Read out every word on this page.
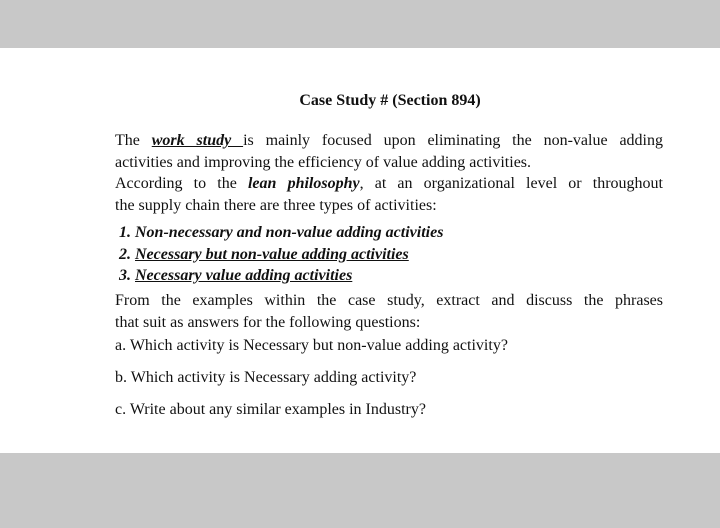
Case Study # (Section 894)
The work study is mainly focused upon eliminating the non-value adding
activities and improving the efficiency of value adding activities.
According to the lean philosophy, at an organizational level or throughout
the supply chain there are three types of activities:
1. Non-necessary and non-value adding activities
2. Necessary but non-value adding activities
3. Necessary value adding activities
From the examples within the case study, extract and discuss the phrases
that suit as answers for the following questions:
a. Which activity is Necessary but non-value adding activity?
b. Which activity is Necessary adding activity?
c. Write about any similar examples in Industry?
